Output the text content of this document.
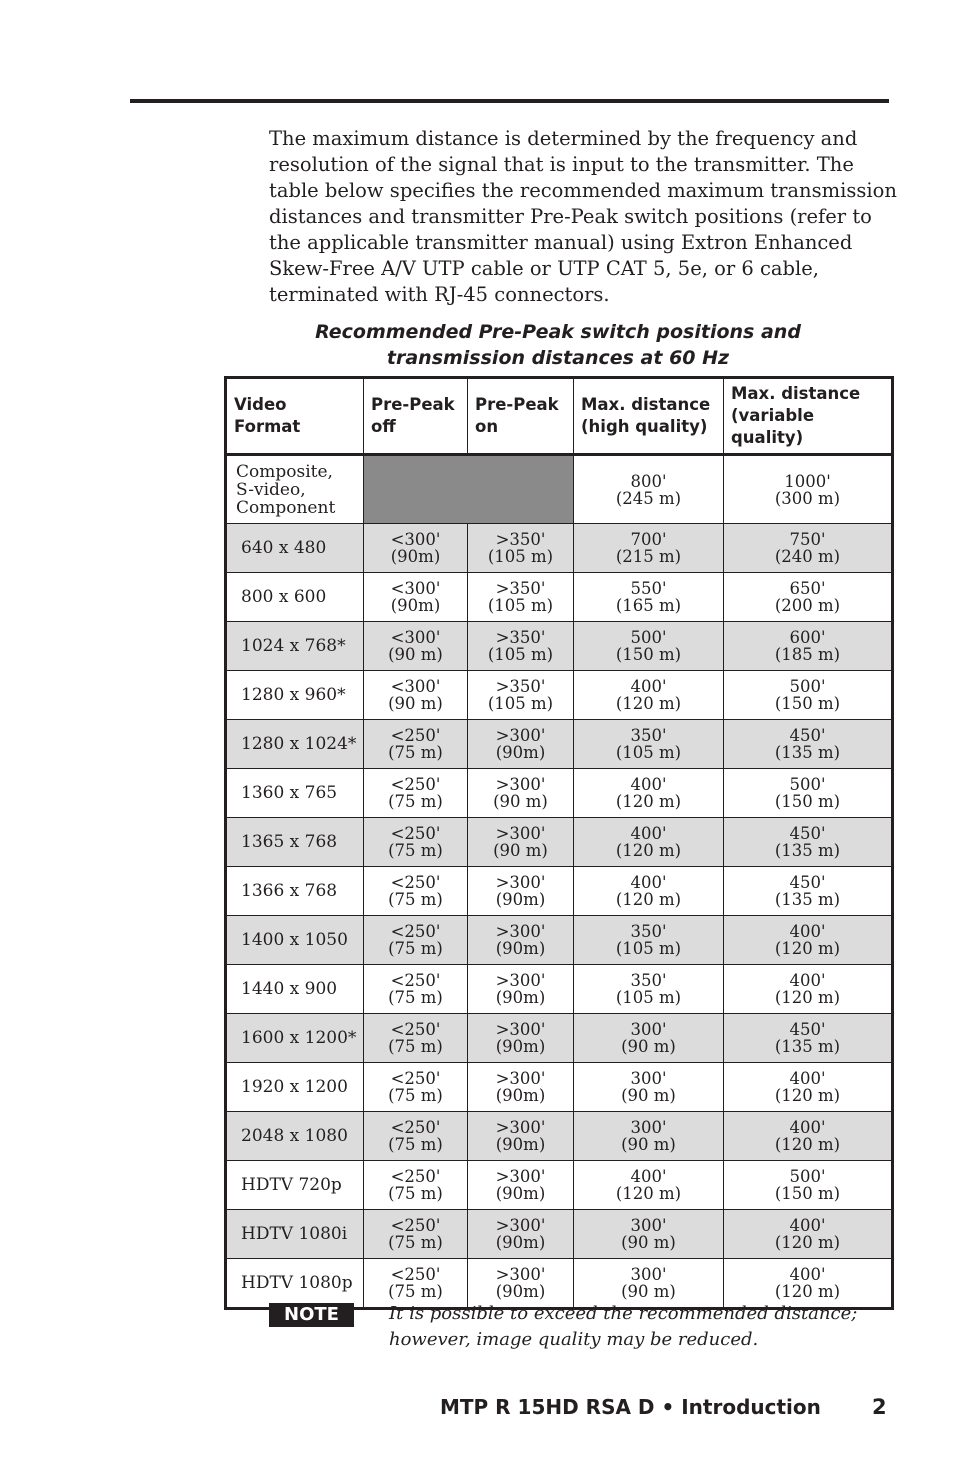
The maximum distance is determined by the frequency and
resolution of the signal that is input to the transmitter. The
table below specifies the recommended maximum transmission
distances and transmitter Pre-Peak switch positions (refer to
the applicable transmitter manual) using Extron Enhanced
Skew-Free A/V UTP cable or UTP CAT 5, 5e, or 6 cable,
terminated with RJ-45 connectors.

Recommended Pre-Peak switch positions and
transmission distances at 60 Hz
Video
Format	Pre-Peak
off	Pre-Peak
on	Max. distance
(high quality)	Max. distance
(variable quality)

Composite,
S-video,
Component			800'
(245 m)	1000'
(300 m)

640 x 480	<300'
(90m)	>350'
(105 m)	700'
(215 m)	750'
(240 m)

800 x 600	<300'
(90m)	>350'
(105 m)	550'
(165 m)	650'
(200 m)

1024 x 768*	<300'
(90 m)	>350'
(105 m)	500'
(150 m)	600'
(185 m)

1280 x 960*	<300'
(90 m)	>350'
(105 m)	400'
(120 m)	500'
(150 m)

1280 x 1024*	<250'
(75 m)	>300'
(90m)	350'
(105 m)	450'
(135 m)

1360 x 765	<250'
(75 m)	>300'
(90 m)	400'
(120 m)	500'
(150 m)

1365 x 768	<250'
(75 m)	>300'
(90 m)	400'
(120 m)	450'
(135 m)

1366 x 768	<250'
(75 m)	>300'
(90m)	400'
(120 m)	450'
(135 m)

1400 x 1050	<250'
(75 m)	>300'
(90m)	350'
(105 m)	400'
(120 m)

1440 x 900	<250'
(75 m)	>300'
(90m)	350'
(105 m)	400'
(120 m)

1600 x 1200*	<250'
(75 m)	>300'
(90m)	300'
(90 m)	450'
(135 m)

1920 x 1200	<250'
(75 m)	>300'
(90m)	300'
(90 m)	400'
(120 m)

2048 x 1080	<250'
(75 m)	>300'
(90m)	300'
(90 m)	400'
(120 m)

HDTV 720p	<250'
(75 m)	>300'
(90m)	400'
(120 m)	500'
(150 m)

HDTV 1080i	<250'
(75 m)	>300'
(90m)	300'
(90 m)	400'
(120 m)

HDTV 1080p	<250'
(75 m)	>300'
(90m)	300'
(90 m)	400'
(120 m)
NOTE	It is possible to exceed the recommended distance;
however, image quality may be reduced.
MTP R 15HD RSA D • Introduction 2
